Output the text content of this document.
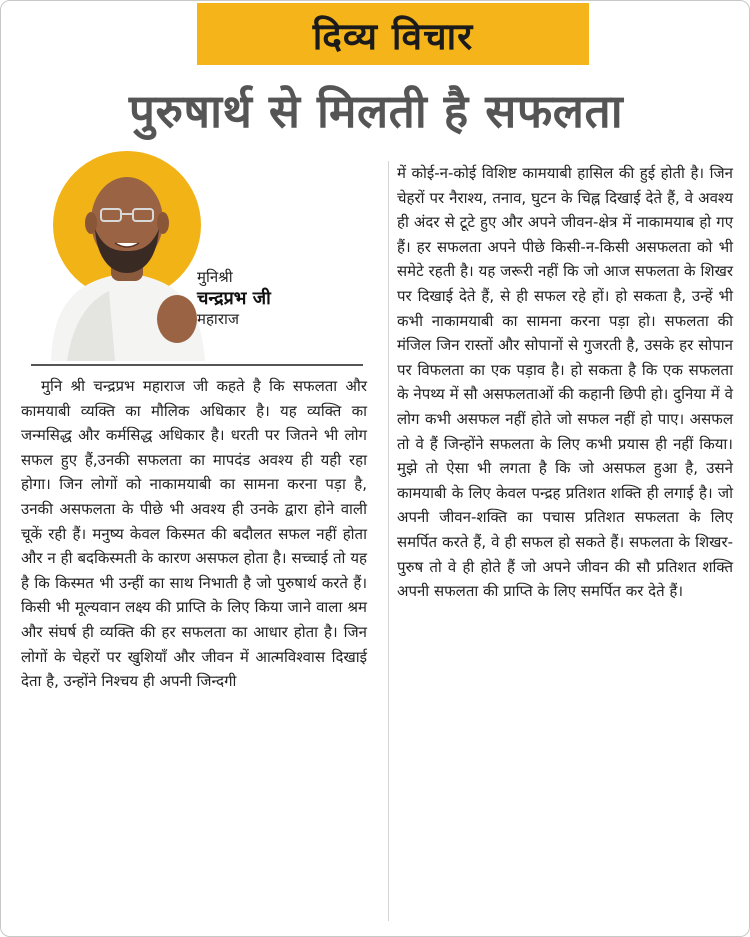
दिव्य विचार
पुरुषार्थ से मिलती है सफलता
मुनिश्री
चन्द्रप्रभ जी
महाराज

मुनि श्री चन्द्रप्रभ महाराज जी कहते है कि सफलता और कामयाबी व्यक्ति का मौलिक अधिकार है। यह व्यक्ति का जन्मसिद्ध और कर्मसिद्ध अधिकार है। धरती पर जितने भी लोग सफल हुए हैं,उनकी सफलता का मापदंड अवश्य ही यही रहा होगा। जिन लोगों को नाकामयाबी का सामना करना पड़ा है, उनकी असफलता के पीछे भी अवश्य ही उनके द्वारा होने वाली चूकें रही हैं। मनुष्य केवल किस्मत की बदौलत सफल नहीं होता और न ही बदकिस्मती के कारण असफल होता है। सच्चाई तो यह है कि किस्मत भी उन्हीं का साथ निभाती है जो पुरुषार्थ करते हैं। किसी भी मूल्यवान लक्ष्य की प्राप्ति के लिए किया जाने वाला श्रम और संघर्ष ही व्यक्ति की हर सफलता का आधार होता है। जिन लोगों के चेहरों पर खुशियाँ और जीवन में आत्मविश्वास दिखाई देता है, उन्होंने निश्चय ही अपनी जिन्दगी

में कोई-न-कोई विशिष्ट कामयाबी हासिल की हुई होती है। जिन चेहरों पर नैराश्य, तनाव, घुटन के चिह्न दिखाई देते हैं, वे अवश्य ही अंदर से टूटे हुए और अपने जीवन-क्षेत्र में नाकामयाब हो गए हैं। हर सफलता अपने पीछे किसी-न-किसी असफलता को भी समेटे रहती है। यह जरूरी नहीं कि जो आज सफलता के शिखर पर दिखाई देते हैं, से ही सफल रहे हों। हो सकता है, उन्हें भी कभी नाकामयाबी का सामना करना पड़ा हो। सफलता की मंजिल जिन रास्तों और सोपानों से गुजरती है, उसके हर सोपान पर विफलता का एक पड़ाव है। हो सकता है कि एक सफलता के नेपथ्य में सौ असफलताओं की कहानी छिपी हो। दुनिया में वे लोग कभी असफल नहीं होते जो सफल नहीं हो पाए। असफल तो वे हैं जिन्होंने सफलता के लिए कभी प्रयास ही नहीं किया। मुझे तो ऐसा भी लगता है कि जो असफल हुआ है, उसने कामयाबी के लिए केवल पन्द्रह प्रतिशत शक्ति ही लगाई है। जो अपनी जीवन-शक्ति का पचास प्रतिशत सफलता के लिए समर्पित करते हैं, वे ही सफल हो सकते हैं। सफलता के शिखर-पुरुष तो वे ही होते हैं जो अपने जीवन की सौ प्रतिशत शक्ति अपनी सफलता की प्राप्ति के लिए समर्पित कर देते हैं।
